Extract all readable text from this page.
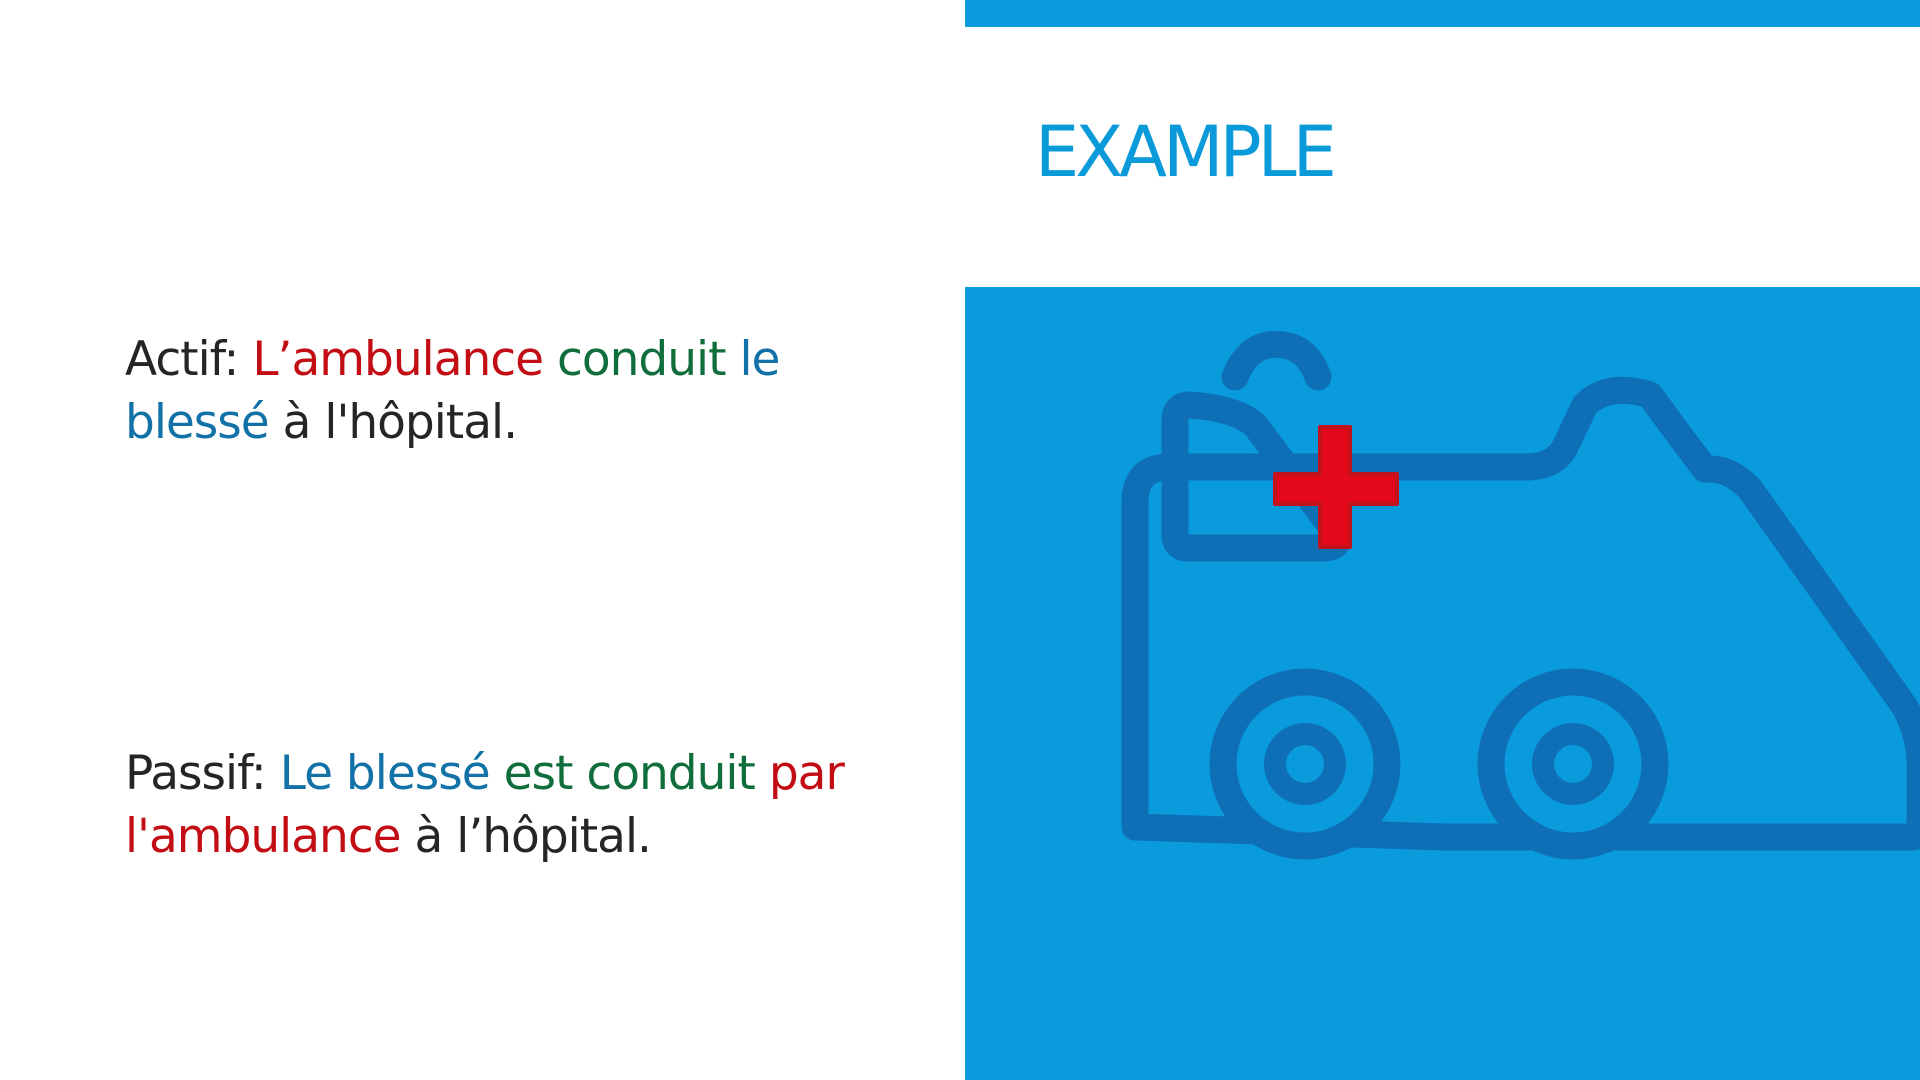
EXAMPLE

Actif: L’ambulance conduit le blessé à l'hôpital.

Passif: Le blessé est conduit par l'ambulance à l’hôpital.
